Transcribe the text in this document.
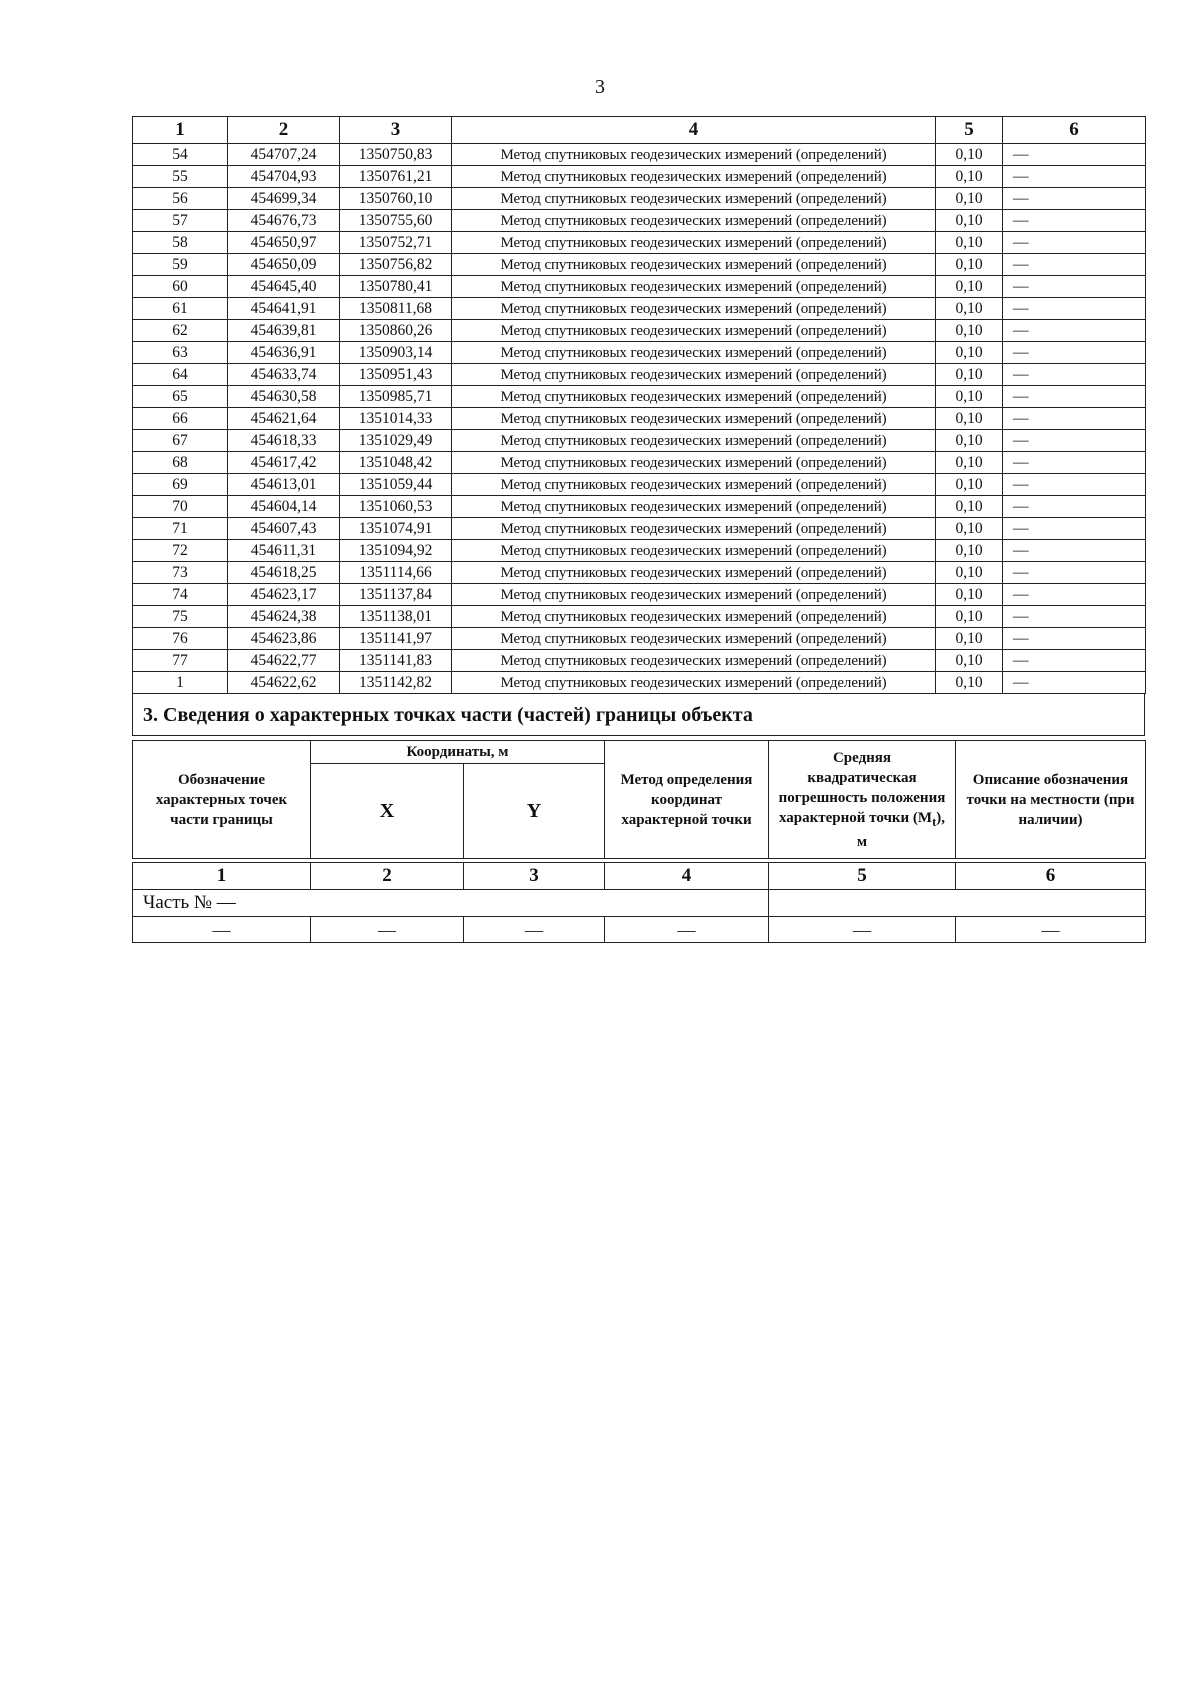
3
1	2	3	4	5	6
54	454707,24	1350750,83	Метод спутниковых геодезических измерений (определений)	0,10	—
55	454704,93	1350761,21	Метод спутниковых геодезических измерений (определений)	0,10	—
56	454699,34	1350760,10	Метод спутниковых геодезических измерений (определений)	0,10	—
57	454676,73	1350755,60	Метод спутниковых геодезических измерений (определений)	0,10	—
58	454650,97	1350752,71	Метод спутниковых геодезических измерений (определений)	0,10	—
59	454650,09	1350756,82	Метод спутниковых геодезических измерений (определений)	0,10	—
60	454645,40	1350780,41	Метод спутниковых геодезических измерений (определений)	0,10	—
61	454641,91	1350811,68	Метод спутниковых геодезических измерений (определений)	0,10	—
62	454639,81	1350860,26	Метод спутниковых геодезических измерений (определений)	0,10	—
63	454636,91	1350903,14	Метод спутниковых геодезических измерений (определений)	0,10	—
64	454633,74	1350951,43	Метод спутниковых геодезических измерений (определений)	0,10	—
65	454630,58	1350985,71	Метод спутниковых геодезических измерений (определений)	0,10	—
66	454621,64	1351014,33	Метод спутниковых геодезических измерений (определений)	0,10	—
67	454618,33	1351029,49	Метод спутниковых геодезических измерений (определений)	0,10	—
68	454617,42	1351048,42	Метод спутниковых геодезических измерений (определений)	0,10	—
69	454613,01	1351059,44	Метод спутниковых геодезических измерений (определений)	0,10	—
70	454604,14	1351060,53	Метод спутниковых геодезических измерений (определений)	0,10	—
71	454607,43	1351074,91	Метод спутниковых геодезических измерений (определений)	0,10	—
72	454611,31	1351094,92	Метод спутниковых геодезических измерений (определений)	0,10	—
73	454618,25	1351114,66	Метод спутниковых геодезических измерений (определений)	0,10	—
74	454623,17	1351137,84	Метод спутниковых геодезических измерений (определений)	0,10	—
75	454624,38	1351138,01	Метод спутниковых геодезических измерений (определений)	0,10	—
76	454623,86	1351141,97	Метод спутниковых геодезических измерений (определений)	0,10	—
77	454622,77	1351141,83	Метод спутниковых геодезических измерений (определений)	0,10	—
1	454622,62	1351142,82	Метод спутниковых геодезических измерений (определений)	0,10	—
3. Сведения о характерных точках части (частей) границы объекта
Обозначение характерных точек части границы	Координаты, м		Метод определения координат характерной точки	Средняя квадратическая погрешность положения характерной точки $(M_t)$, м	Описание обозначения точки на местности (при наличии)
	X	Y			
1	2	3	4	5	6
Часть № —					
—	—	—	—	—	—
